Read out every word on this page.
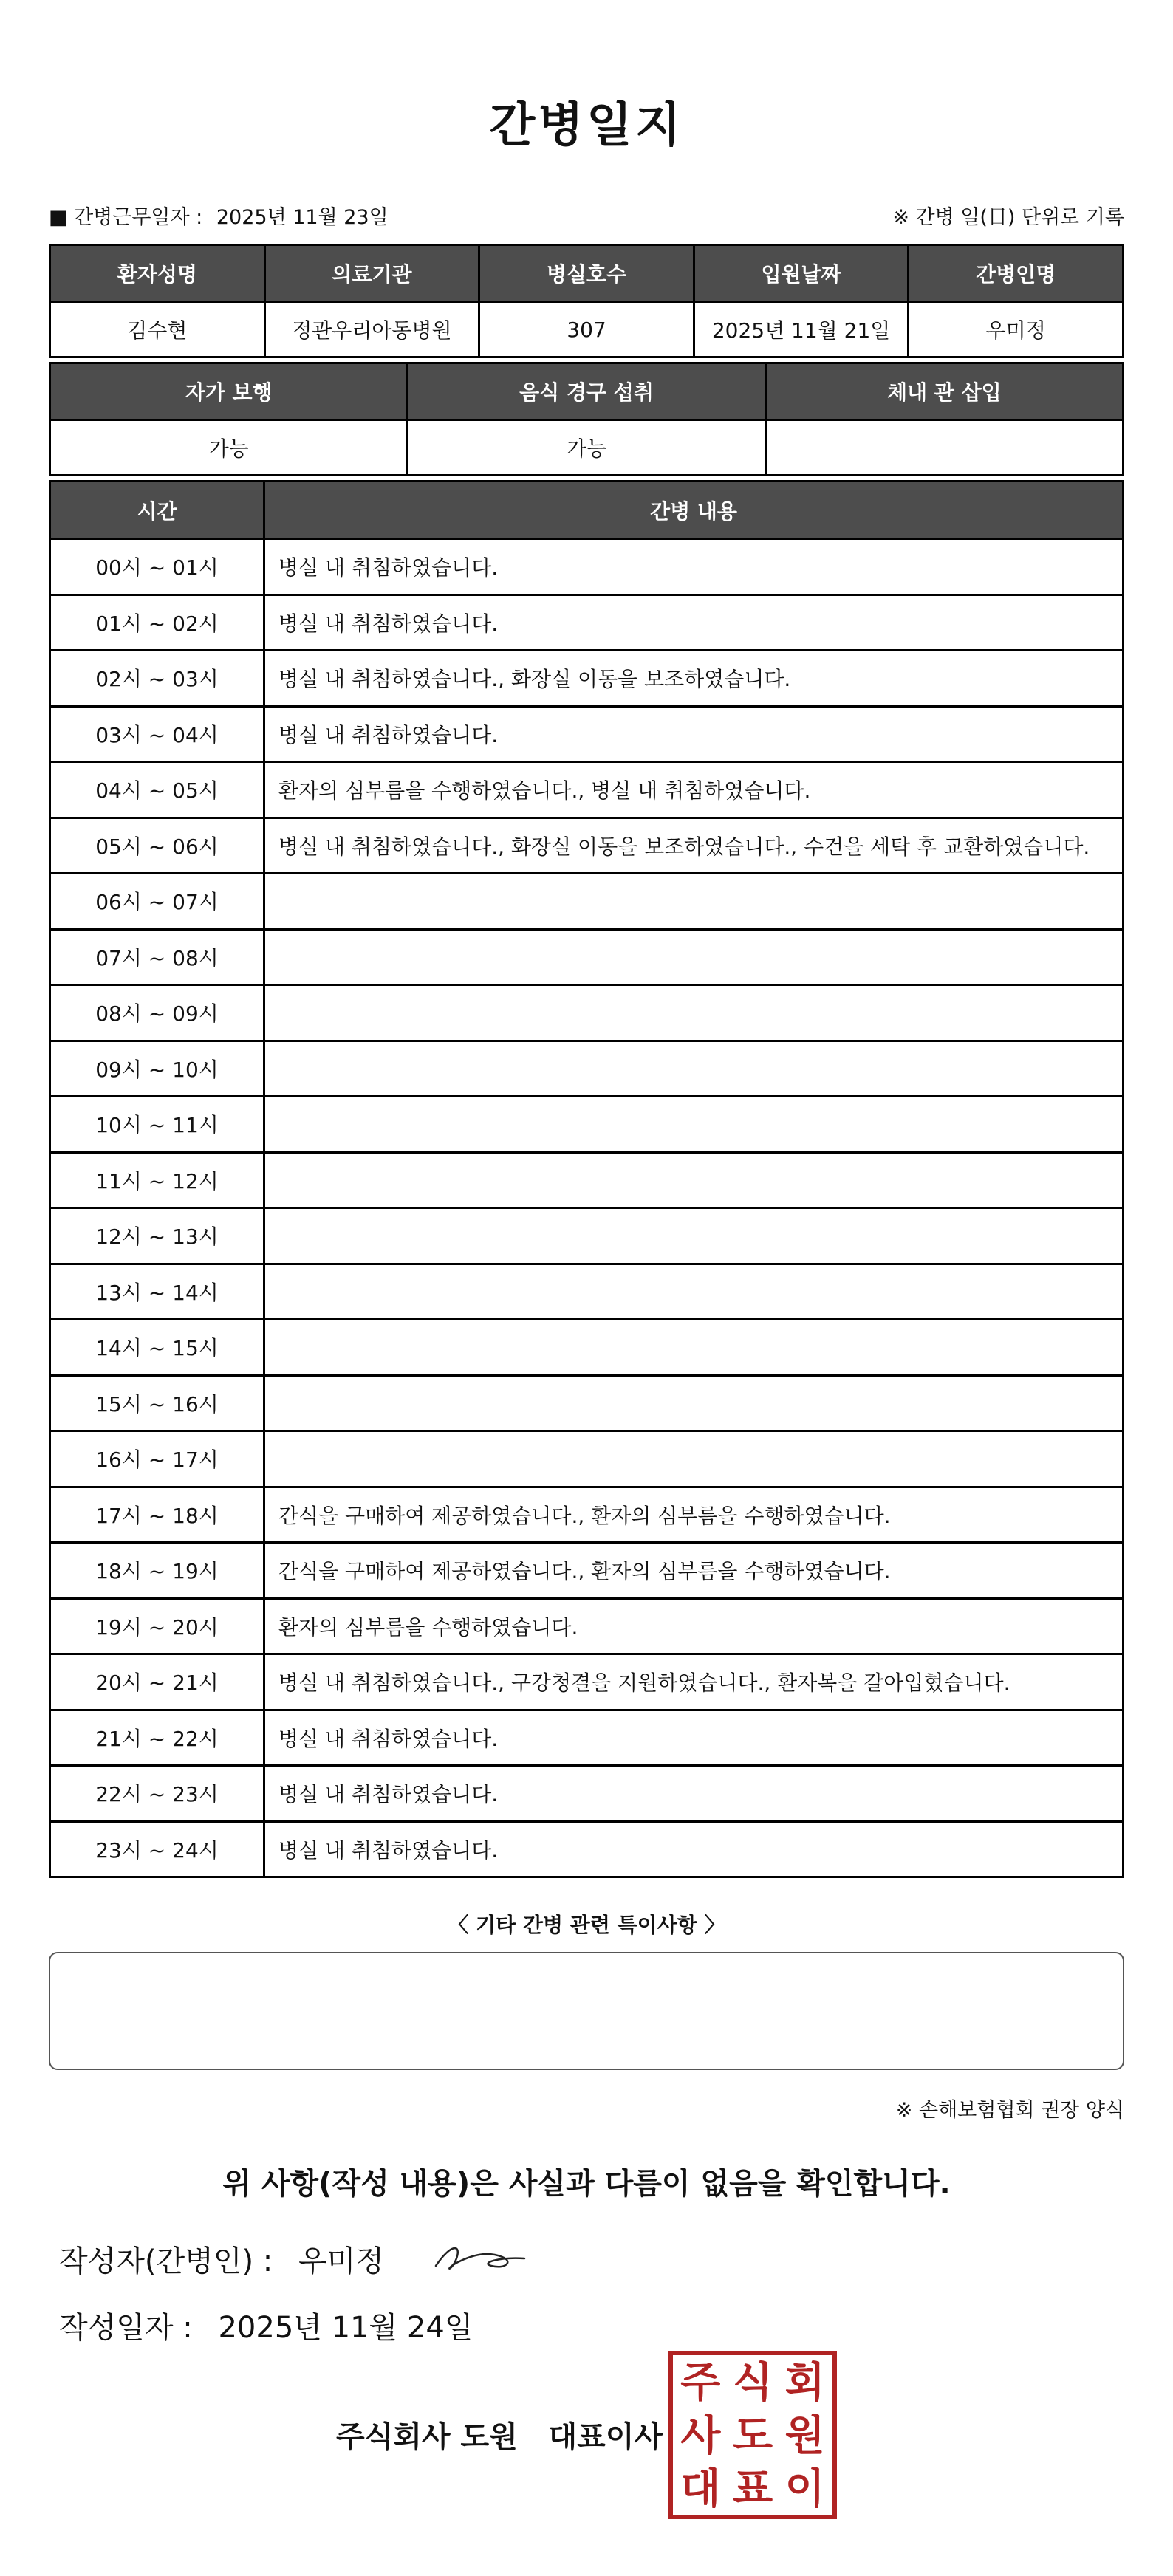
간병일지
■ 간병근무일자 : 2025년 11월 23일	※ 간병 일(日) 단위로 기록
환자성명	의료기관	병실호수	입원날짜	간병인명
김수현	정관우리아동병원	307	2025년 11월 21일	우미정
자가 보행	음식 경구 섭취	체내 관 삽입
가능	가능	
시간	간병 내용
00시 ~ 01시	병실 내 취침하였습니다.
01시 ~ 02시	병실 내 취침하였습니다.
02시 ~ 03시	병실 내 취침하였습니다., 화장실 이동을 보조하였습니다.
03시 ~ 04시	병실 내 취침하였습니다.
04시 ~ 05시	환자의 심부름을 수행하였습니다., 병실 내 취침하였습니다.
05시 ~ 06시	병실 내 취침하였습니다., 화장실 이동을 보조하였습니다., 수건을 세탁 후 교환하였습니다.
06시 ~ 07시	
07시 ~ 08시	
08시 ~ 09시	
09시 ~ 10시	
10시 ~ 11시	
11시 ~ 12시	
12시 ~ 13시	
13시 ~ 14시	
14시 ~ 15시	
15시 ~ 16시	
16시 ~ 17시	
17시 ~ 18시	간식을 구매하여 제공하였습니다., 환자의 심부름을 수행하였습니다.
18시 ~ 19시	간식을 구매하여 제공하였습니다., 환자의 심부름을 수행하였습니다.
19시 ~ 20시	환자의 심부름을 수행하였습니다.
20시 ~ 21시	병실 내 취침하였습니다., 구강청결을 지원하였습니다., 환자복을 갈아입혔습니다.
21시 ~ 22시	병실 내 취침하였습니다.
22시 ~ 23시	병실 내 취침하였습니다.
23시 ~ 24시	병실 내 취침하였습니다.
〈 기타 간병 관련 특이사항 〉
※ 손해보험협회 권장 양식
위 사항(작성 내용)은 사실과 다름이 없음을 확인합니다.
작성자(간병인) : 우미정
작성일자 : 2025년 11월 24일
주식회사 도원   대표이사
주 식 회
사 도 원
대 표 이
